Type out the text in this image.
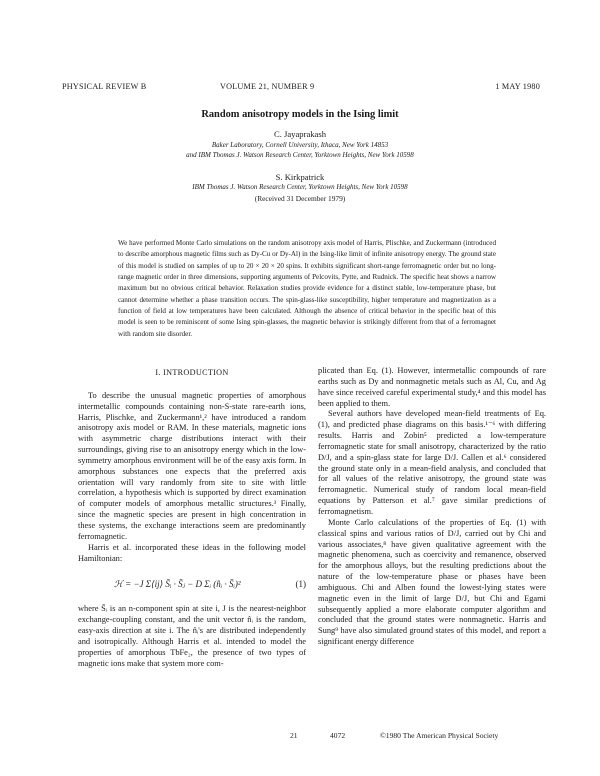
PHYSICAL REVIEW B	VOLUME 21, NUMBER 9	1 MAY 1980
Random anisotropy models in the Ising limit
C. Jayaprakash
Baker Laboratory, Cornell University, Ithaca, New York 14853
and IBM Thomas J. Watson Research Center, Yorktown Heights, New York 10598
S. Kirkpatrick
IBM Thomas J. Watson Research Center, Yorktown Heights, New York 10598
(Received 31 December 1979)
We have performed Monte Carlo simulations on the random anisotropy axis model of Harris, Plischke, and Zuckermann (introduced to describe amorphous magnetic films such as Dy-Cu or Dy-Al) in the Ising-like limit of infinite anisotropy energy. The ground state of this model is studied on samples of up to 20 × 20 × 20 spins. It exhibits significant short-range ferromagnetic order but no long-range magnetic order in three dimensions, supporting arguments of Pelcovits, Pytte, and Rudnick. The specific heat shows a narrow maximum but no obvious critical behavior. Relaxation studies provide evidence for a distinct stable, low-temperature phase, but cannot determine whether a phase transition occurs. The spin-glass-like susceptibility, higher temperature and magnetization as a function of field at low temperatures have been calculated. Although the absence of critical behavior in the specific heat of this model is seen to be reminiscent of some Ising spin-glasses, the magnetic behavior is strikingly different from that of a ferromagnet with random site disorder.
I. INTRODUCTION

To describe the unusual magnetic properties of amorphous intermetallic compounds containing non-S-state rare-earth ions, Harris, Plischke, and Zuckermann¹,² have introduced a random anisotropy axis model or RAM. In these materials, magnetic ions with asymmetric charge distributions interact with their surroundings, giving rise to an anisotropy energy which in the low-symmetry amorphous environment will be of the easy axis form. In amorphous substances one expects that the preferred axis orientation will vary randomly from site to site with little correlation, a hypothesis which is supported by direct examination of computer models of amorphous metallic structures.³ Finally, since the magnetic species are present in high concentration in these systems, the exchange interactions seem are predominantly ferromagnetic.

Harris et al. incorporated these ideas in the following model Hamiltonian:

ℋ = −J Σ⟨ij⟩ S̄ᵢ · S̄ⱼ − D Σᵢ (n̂ᵢ · S̄ᵢ)²	(1)

where S̄ᵢ is an n-component spin at site i, J is the nearest-neighbor exchange-coupling constant, and the unit vector n̂ᵢ is the random, easy-axis direction at site i. The n̂ᵢ's are distributed independently and isotropically. Although Harris et al. intended to model the properties of amorphous TbFe₂, the presence of two types of magnetic ions make that system more com-

plicated than Eq. (1). However, intermetallic compounds of rare earths such as Dy and nonmagnetic metals such as Al, Cu, and Ag have since received careful experimental study,⁴ and this model has been applied to them.

Several authors have developed mean-field treatments of Eq. (1), and predicted phase diagrams on this basis.¹⁻⁶ with differing results. Harris and Zobin⁵ predicted a low-temperature ferromagnetic state for small anisotropy, characterized by the ratio D/J, and a spin-glass state for large D/J. Callen et al.⁶ considered the ground state only in a mean-field analysis, and concluded that for all values of the relative anisotropy, the ground state was ferromagnetic. Numerical study of random local mean-field equations by Patterson et al.⁷ gave similar predictions of ferromagnetism.

Monte Carlo calculations of the properties of Eq. (1) with classical spins and various ratios of D/J, carried out by Chi and various associates,⁸ have given qualitative agreement with the magnetic phenomena, such as coercivity and remanence, observed for the amorphous alloys, but the resulting predictions about the nature of the low-temperature phase or phases have been ambiguous. Chi and Alben found the lowest-lying states were magnetic even in the limit of large D/J, but Chi and Egami subsequently applied a more elaborate computer algorithm and concluded that the ground states were nonmagnetic. Harris and Sung⁹ have also simulated ground states of this model, and report a significant energy difference

21	4072	©1980 The American Physical Society
